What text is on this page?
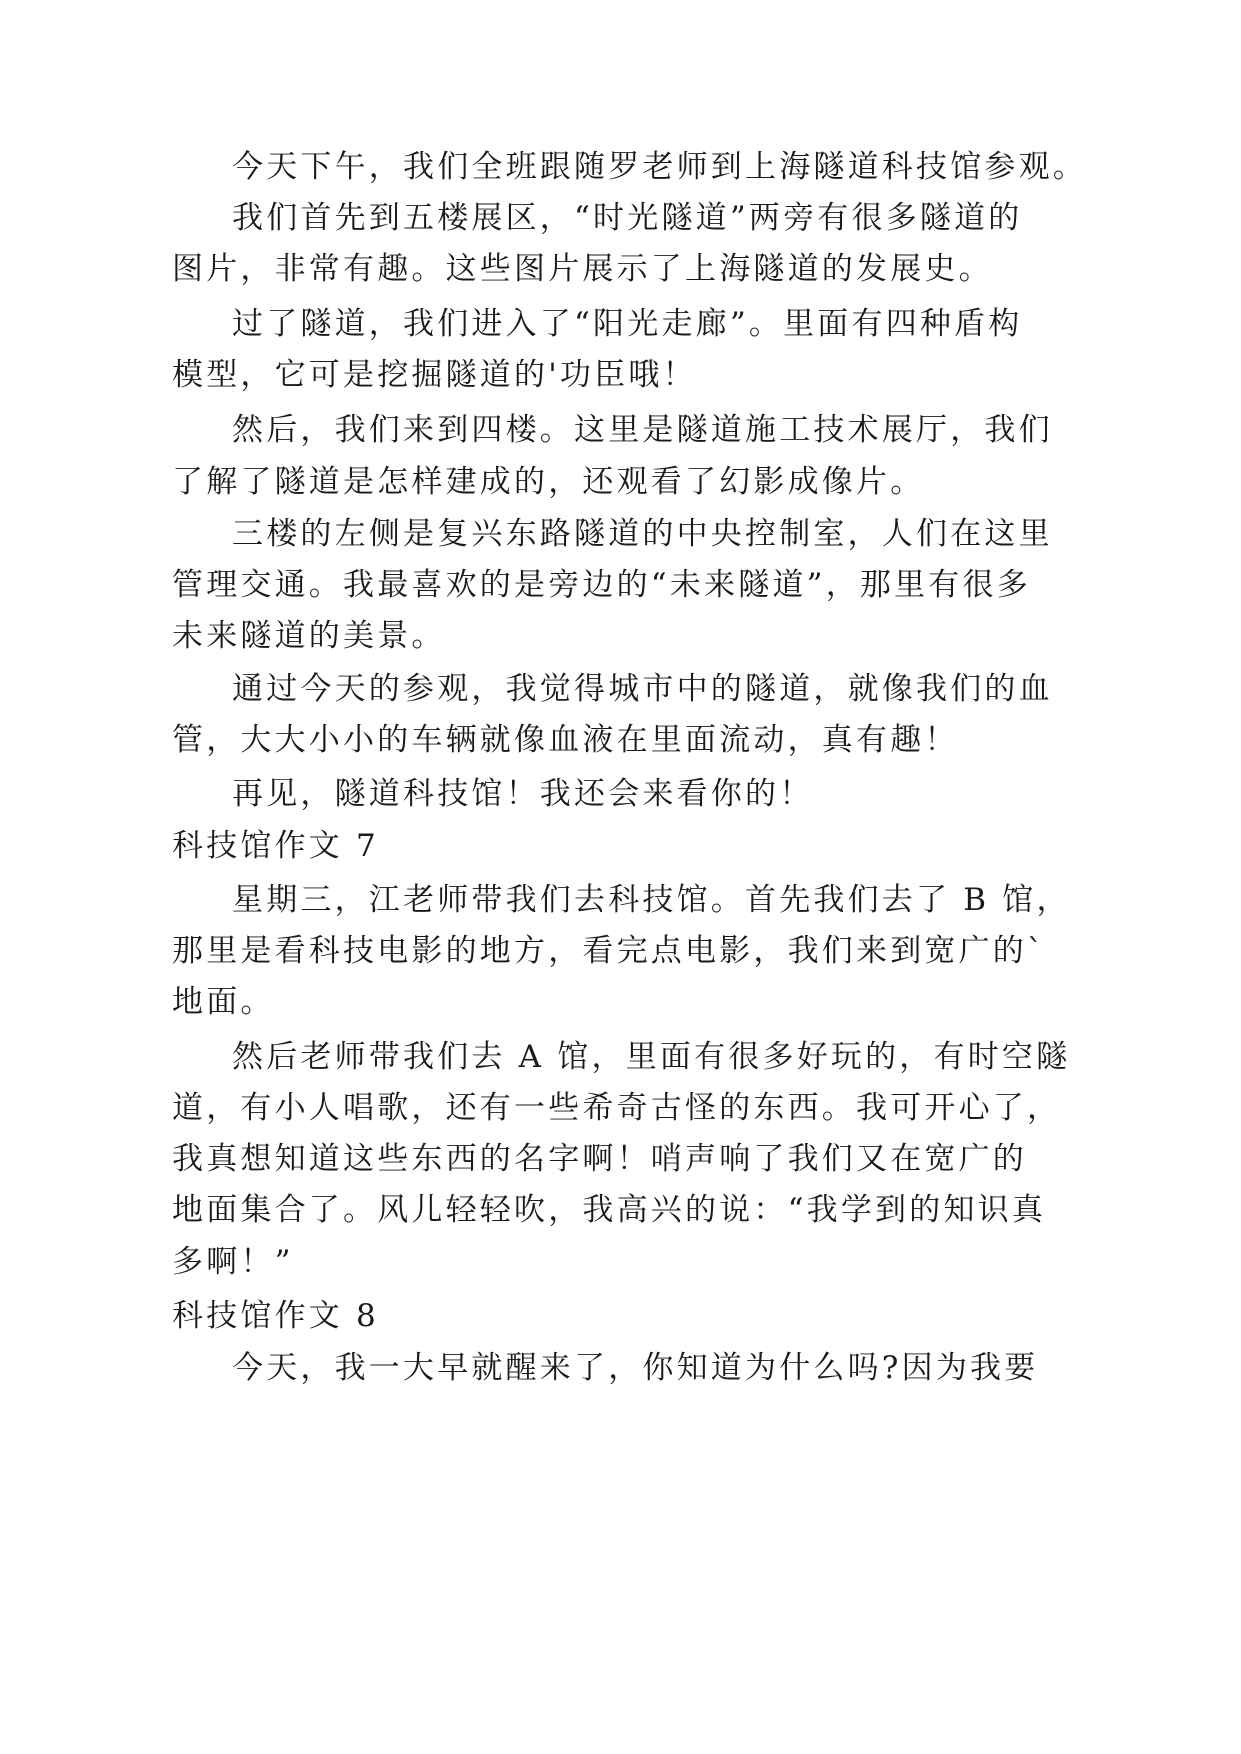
今天下午，我们全班跟随罗老师到上海隧道科技馆参观。
我们首先到五楼展区，“时光隧道”两旁有很多隧道的
图片，非常有趣。这些图片展示了上海隧道的发展史。
过了隧道，我们进入了“阳光走廊”。里面有四种盾构
模型，它可是挖掘隧道的'功臣哦！
然后，我们来到四楼。这里是隧道施工技术展厅，我们
了解了隧道是怎样建成的，还观看了幻影成像片。
三楼的左侧是复兴东路隧道的中央控制室，人们在这里
管理交通。我最喜欢的是旁边的“未来隧道”，那里有很多
未来隧道的美景。
通过今天的参观，我觉得城市中的隧道，就像我们的血
管，大大小小的车辆就像血液在里面流动，真有趣！
再见，隧道科技馆！我还会来看你的！
科技馆作文 7
星期三，江老师带我们去科技馆。首先我们去了 B 馆，
那里是看科技电影的地方，看完点电影，我们来到宽广的`
地面。
然后老师带我们去 A 馆，里面有很多好玩的，有时空隧
道，有小人唱歌，还有一些希奇古怪的东西。我可开心了，
我真想知道这些东西的名字啊！哨声响了我们又在宽广的
地面集合了。风儿轻轻吹，我高兴的说：“我学到的知识真
多啊！”
科技馆作文 8
今天，我一大早就醒来了，你知道为什么吗?因为我要
